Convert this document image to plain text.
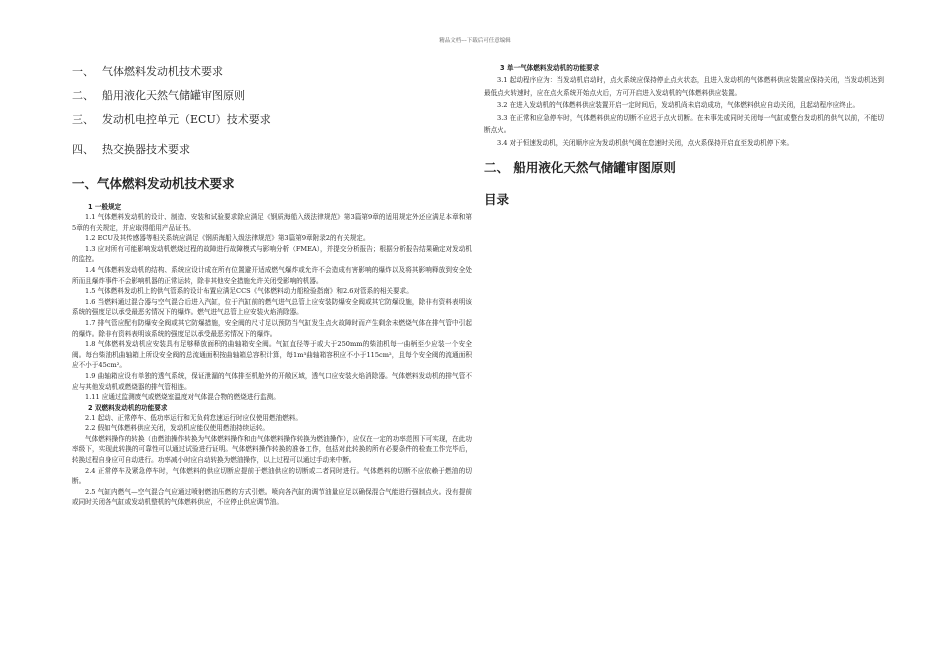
精品文档---下载后可任意编辑

一、 气体燃料发动机技术要求

二、 船用液化天然气储罐审图原则

三、 发动机电控单元（ECU）技术要求

四、 热交换器技术要求

一、气体燃料发动机技术要求

1 一般规定

1.1 气体燃料发动机的设计、制造、安装和试验要求除应满足《钢质海船入级法律规范》第3篇第9章的适用规定外还应满足本章和第5章的有关规定，并应取得船用产品证书。

1.2 ECU及其传感器等相关系统应满足《钢质海船入级法律规范》第3篇第9章附录2的有关规定。

1.3 应对所有可能影响发动机燃烧过程的故障进行故障模式与影响分析（FMEA），并提交分析报告；根据分析报告结果确定对发动机的监控。

1.4 气体燃料发动机的结构、系统应设计成在所有位置避开适成燃气爆炸或允许不会造成有害影响的爆炸以及将其影响释放到安全处所而且爆炸事件不会影响机器的正常运转，除非其他安全措施允许关闭受影响的机器。

1.5 气体燃料发动机上的供气管系的设计布置应满足CCS《气体燃料动力船检验指南》和2.6对管系的相关要求。

1.6 当燃料通过混合器与空气混合后进入汽缸，位于汽缸前的燃气进气总管上应安装防爆安全阀或其它防爆设施，除非有资料表明该系统的强度足以承受最恶劣情况下的爆炸。燃气进气总管上应安装火焰消除器。

1.7 排气管应配有防爆安全阀或其它防爆措施，安全阀的尺寸足以预防当气缸发生点火故障时而产生剩余未燃烧气体在排气管中引起的爆炸。除非有资料表明该系统的强度足以承受最恶劣情况下的爆炸。

1.8 气体燃料发动机应安装具有足够释放面积的曲轴箱安全阀。气缸直径等于或大于250mm的柴油机每一曲柄至少应装一个安全阀。每台柴油机曲轴箱上所设安全阀的总流通面积按曲轴箱总容积计算，每1m³曲轴箱容积应不小于115cm²，且每个安全阀的流通面积应不小于45cm²。

1.9 曲轴箱应设有单独的透气系统，保证泄漏的气体排至机舱外的开敞区域，透气口应安装火焰消除器。气体燃料发动机的排气管不应与其他发动机或燃烧器的排气管相连。

1.11 应通过监测废气或燃烧室温度对气体混合物的燃烧进行监测。

2 双燃料发动机的功能要求

2.1 起动、正常停车、低功率运行和无负荷怠速运行时应仅使用燃油燃料。

2.2 假如气体燃料供应关闭，发动机应能仅使用燃油持续运转。

气体燃料操作的转换（由燃油操作转换为气体燃料操作和由气体燃料操作转换为燃油操作），应仅在一定的功率范围下可实现，在此功率级下，实现此转换的可靠性可以通过试验进行证明。气体燃料操作转换的准备工作，包括对此转换的所有必要条件的检查工作完毕后，转换过程自身应可自动进行。功率减小时应自动转换为燃油操作，以上过程可以通过手动来中断。

2.4 正常停车及紧急停车时，气体燃料的供应切断应提前于燃油供应的切断或二者同时进行。气体燃料的切断不应依赖于燃油的切断。

2.5 气缸内燃气—空气混合气应通过喷射燃油压燃的方式引燃。喷向各汽缸的调节油量应足以确保混合气能进行强制点火。没有提前或同时关闭各气缸或发动机整机的气体燃料供应，不应停止供应调节油。

3 单一气体燃料发动机的功能要求

3.1 起动程序应为：当发动机启动时，点火系统应保持停止点火状态，且进入发动机的气体燃料供应装置应保持关闭，当发动机达到最低点火转速时，应在点火系统开始点火后，方可开启进入发动机的气体燃料供应装置。

3.2 在进入发动机的气体燃料供应装置开启一定时间后，发动机尚未启动成功，气体燃料供应自动关闭，且起动程序应终止。

3.3 在正常和应急停车时，气体燃料供应的切断不应迟于点火切断。在未事先或同时关闭每一气缸或整台发动机的供气以前，不能切断点火。

3.4 对于恒速发动机，关闭顺序应为发动机供气阀在怠速时关闭，点火系保持开启直至发动机停下来。

二、 船用液化天然气储罐审图原则

目录
